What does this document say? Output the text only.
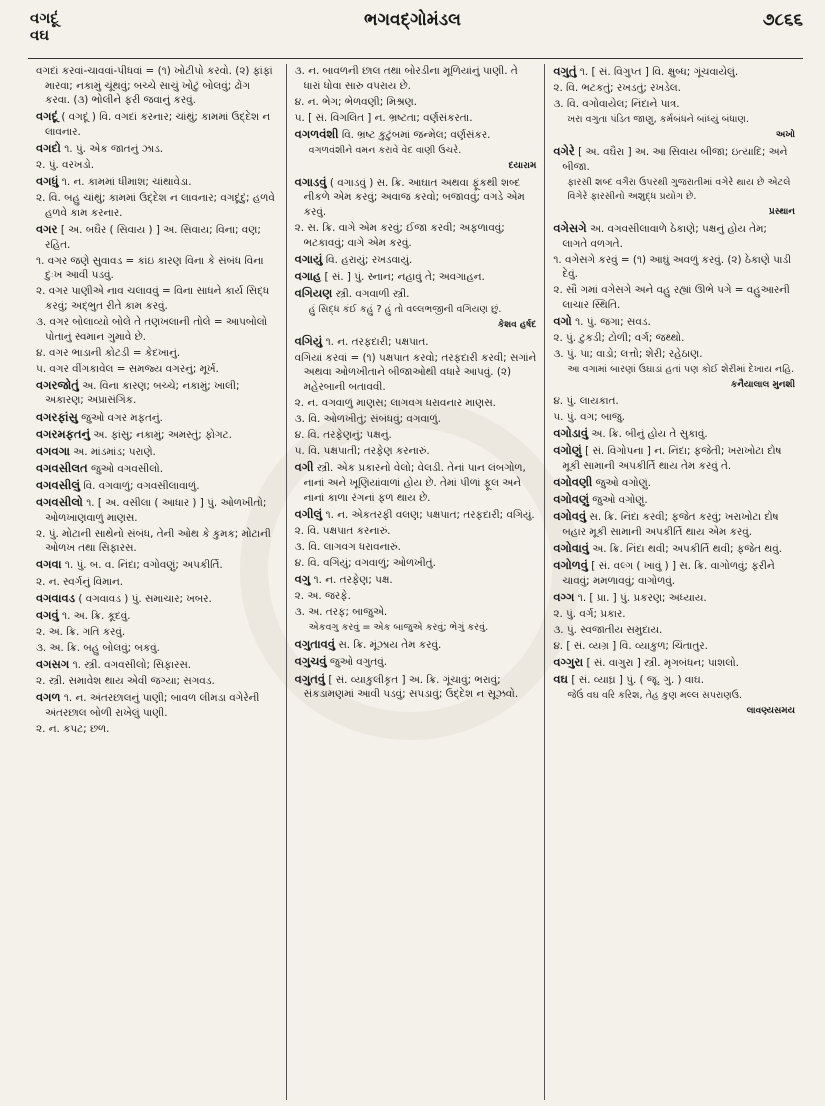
વગદૂં
વઘ
ભગવદ્ગોમંડલ	૭૮૬૬
વગદાં કરવાં-ચાવવાં-પીધવાં = (૧) ખોટીપો કરવો. (૨) ફાંફાં મારવા; નકામું ચૂંથવું; બચ્ચે સાચું ખોટું બોલવું; ઢોંગ કરવા. (૩) ભોલીને ફરી જવાનું કરવું.
વગદૂં ( વગદૂં ) વિ. વગદાં કરનાર; ચાંથું; કામમાં ઉદ્દેશ ન લાવનાર.
વગદો ૧. પું. એક જાતનું ઝાડ.
૨. પું. વરખડો.
વગધું ૧. ન. કામમાં ધીમાશ; ચાંથાવેડા.
૨. વિ. બહુ ચાંથું; કામમાં ઉદ્દેશ ન લાવનાર; વગદૂંદું; હળવે હળવે કામ કરનાર.
વગર [ અ. બઘૈર ( સિવાય ) ] અ. સિવાય; વિના; વણ; રહિત.
૧. વગર જણે સુવાવડ = કાંઇ કારણ વિના કે સંબંધ વિના દુઃખ આવી પડવું.
૨. વગર પાણીએ નાવ ચલાવવું = વિના સાધને કાર્ય સિદ્ધ કરવું; અદ્ભુત રીતે કામ કરવું.
૩. વગર બોલાવ્યો બોલે તે તણખલાની તોલે = આપબોલો પોતાનું સ્વમાન ગુમાવે છે.
૪. વગર ભાડાની કોટડી = કેદખાનું.
૫. વગર વીંગકાવેલ = સમજ્ય વગરનું; મૂર્ખ.
વગરજોતું અ. વિના કારણ; બચ્ચે; નકામું; ખાલી; અકારણ; અપ્રાસંગિક.
વગરફાંસુ જુઓ વગર મફતનું.
વગરમફતનું અ. ફાંસુ; નકામું; અમસ્તું; ફોગટ.
વગવગા અ. માંડમાંડ; પરાણે.
વગવસીલત જુઓ વગવસીલો.
વગવસીલું વિ. વગવાળું; વગવસીલાવાળું.
વગવસીલો ૧. [ અ. વસીલા ( આધાર ) ] પું. ઓળખીતો; ઓળખાણવાળું માણસ.
૨. પું. મોટાની સાથેનો સંબંધ, તેની ઓથ કે કુમક; મોટાની ઓળખ તથા સિફારસ.
વગવા ૧. પું. બ. વ. નિંદા; વગોવણું; અપકીર્તિ.
૨. ન. સ્વર્ગનું વિમાન.
વગવાવડ ( વગવાવડ ) પું. સમાચાર; ખબર.
વગવું ૧. અ. ક્રિ. કૂદવું.
૨. અ. ક્રિ. ગતિ કરવું.
૩. અ. ક્રિ. બહુ બોલવું; બકવું.
વગસગ ૧. સ્ત્રી. વગવસીલો; સિફારસ.
૨. સ્ત્રી. સમાવેશ થાય એવી જગ્યા; સગવડ.
વગળ ૧. ન. અંતરછાલનું પાણી; બાવળ લીમડા વગેરેની અંતરછાલ બોળી રાખેલું પાણી.
૨. ન. કપટ; છળ.
૩. ન. બાવળની છાલ તથા બોરડીના મૂળિયાંનું પાણી. તે ધારાં ધોવા સારુ વપરાય છે.
૪. ન. ભેગ; ભેળવણી; મિશ્રણ.
૫. [ સં. વિગલિત ] ન. ભ્રષ્ટતા; વર્ણસંકરતા.
વગળવંશી વિ. ભ્રષ્ટ કુટુંબમાં જન્મેલ; વર્ણસંકર.
વગળવંશીને વમન કરાવે વેદ વાણી ઉચરે.
દયારામ
વગાડવું ( વગાડવું ) સ. ક્રિ. આઘાત અથવા ફૂંકથી શબ્દ નીકળે એમ કરવું; અવાજ કરવો; બજાવવું; વગડે એમ કરવું.
૨. સ. ક્રિ. વાગે એમ કરવું; ઈજા કરવી; અફળાવવું; ભટકાવવું; વાગે એમ કરવું.
વગાયું વિ. હરાયું; રખડવાયું.
વગાહ [ સં. ] પું. સ્નાન; નહાવું તે; અવગાહન.
વગિયણ સ્ત્રી. વગવાળી સ્ત્રી.
હું સિદ્ધ કંઈ કહું ? હું તો વલ્લભજીની વગિયણ છું.
કેશવ હર્ષદ
વગિયું ૧. ન. તરફદારી; પક્ષપાત.
વગિયાં કરવાં = (૧) પક્ષપાત કરવો; તરફદારી કરવી; સગાંને અથવા ઓળખીતાને બીજાઓથી વધારે આપવું. (૨) મહેરબાની બતાવવી.
૨. ન. વગવાળું માણસ; લાગવગ ધરાવનાર માણસ.
૩. વિ. ઓળખીતું; સંબંધવું; વગવાળું.
૪. વિ. તરફેણનું; પક્ષનું.
૫. વિ. પક્ષપાતી; તરફેણ કરનારું.
વગી સ્ત્રી. એક પ્રકારનો વેલો; વેલડી. તેનાં પાન લંબગોળ, નાનાં અને ખૂણિયાંવાળાં હોય છે. તેમાં પીળાં ફૂલ અને નાનાં કાળા રંગનાં ફળ થાય છે.
વગીલું ૧. ન. એકતરફી વલણ; પક્ષપાત; તરફદારી; વગિયું.
૨. વિ. પક્ષપાત કરનારું.
૩. વિ. લાગવગ ધરાવનારું.
૪. વિ. વગિયું; વગવાળું; ઓળખીતું.
વગુ ૧. ન. તરફેણ; પક્ષ.
૨. અ. જરફે.
૩. અ. તરફ; બાજુએ.
એકવગુ કરવું = એક બાજુએ કરવું; ભેગું કરવું.
વગુતાવવું સ. ક્રિ. મૂંઝાય તેમ કરવું.
વગુચવું જુઓ વગુતવું.
વગુતવું [ સં. વ્યાકુલીકૃત ] અ. ક્રિ. ગૂંચાવું; ભરાવું; સંકડામણમાં આવી પડવું; સપડાવું; ઉદ્દેશ ન સૂઝવો.
વગુતું ૧. [ સં. વિગુપ્ત ] વિ. ક્ષુબ્ધ; ગૂંચવાયેલું.
૨. વિ. ભટકતું; રખડતું; રખડેલ.
૩. વિ. વગોવાયેલ; નિંદાને પાત્ર.
ખરા વગુતા પંડિત જાણુ, કર્મબંધને બાંધ્યું બંધાણ.
અખો
વગેરે [ અ. વઘૈરા ] અ. આ સિવાય બીજા; ઇત્યાદિ; અને બીજા.
ફારસી શબ્દ વગૈરા ઉપરથી ગુજરાતીમાં વગેરે થાય છે એટલે વિગેરે ફારસીનો અશુદ્ધ પ્રયોગ છે.
પ્રસ્થાન
વગેસગે અ. વગવસીલાવાળે ઠેકાણે; પક્ષનું હોય તેમ; લાગતે વળગતે.
૧. વગેસગે કરવું = (૧) આઘું અવળું કરવું. (૨) ઠેકાણે પાડી દેવું.
૨. સૌ ગમાં વગેસગે અને વહુ રહ્યાં ઊભે પગે = વહુઆરની લાચાર સ્થિતિ.
વગો ૧. પું. જગા; સવડ.
૨. પું. ટુકડી; ટોળી; વર્ગ; જથ્થો.
૩. પું. પા; વાડો; લત્તો; શેરી; રહેઠાણ.
આ વગામાં બારણાં ઉઘાડાં હતાં પણ કોઈ શેરીમાં દેખાય નહિ.
કનૈયાલાલ મુનશી
૪. પું. લાયકાત.
૫. પું. વગ; બાજુ.
વગોડાવું અ. ક્રિ. બીનું હોય તે સુકાવું.
વગોણું [ સં. વિગોપના ] ન. નિંદા; ફજેતી; ખરાખોટા દોષ મૂકી સામાની અપકીર્તિ થાય તેમ કરવું તે.
વગોવણી જુઓ વગોણું.
વગોવણું જુઓ વગોણું.
વગોવવું સ. ક્રિ. નિંદા કરવી; ફજેત કરવું; ખરાખોટા દોષ બહાર મૂકી સામાની અપકીર્તિ થાય એમ કરવું.
વગોવાવું અ. ક્રિ. નિંદા થવી; અપકીર્તિ થવી; ફજેત થવું.
વગોળવું [ સં. વલ્ગ ( ખાવું ) ] સ. ક્રિ. વાગોળવું; ફરીને ચાવવું; મમળાવવું; વાગોળવું.
વગ્ગ ૧. [ પ્રા. ] પું. પ્રકરણ; અધ્યાય.
૨. પું. વર્ગ; પ્રકાર.
૩. પું. સ્વજાતીય સમુદાય.
૪. [ સં. વ્યગ્ર ] વિ. વ્યાકુળ; ચિંતાતુર.
વગ્ગુરા [ સં. વાગુરા ] સ્ત્રી. મૃગબંધન; પાશલો.
વઘ [ સં. વ્યાઘ્ર ] પું. ( જૂ. ગુ. ) વાઘ.
જેઉં વઘ વરિ કરિશ, તેહ કુણ મલ્લ સપરાણઉ.
લાવણ્યસમય
